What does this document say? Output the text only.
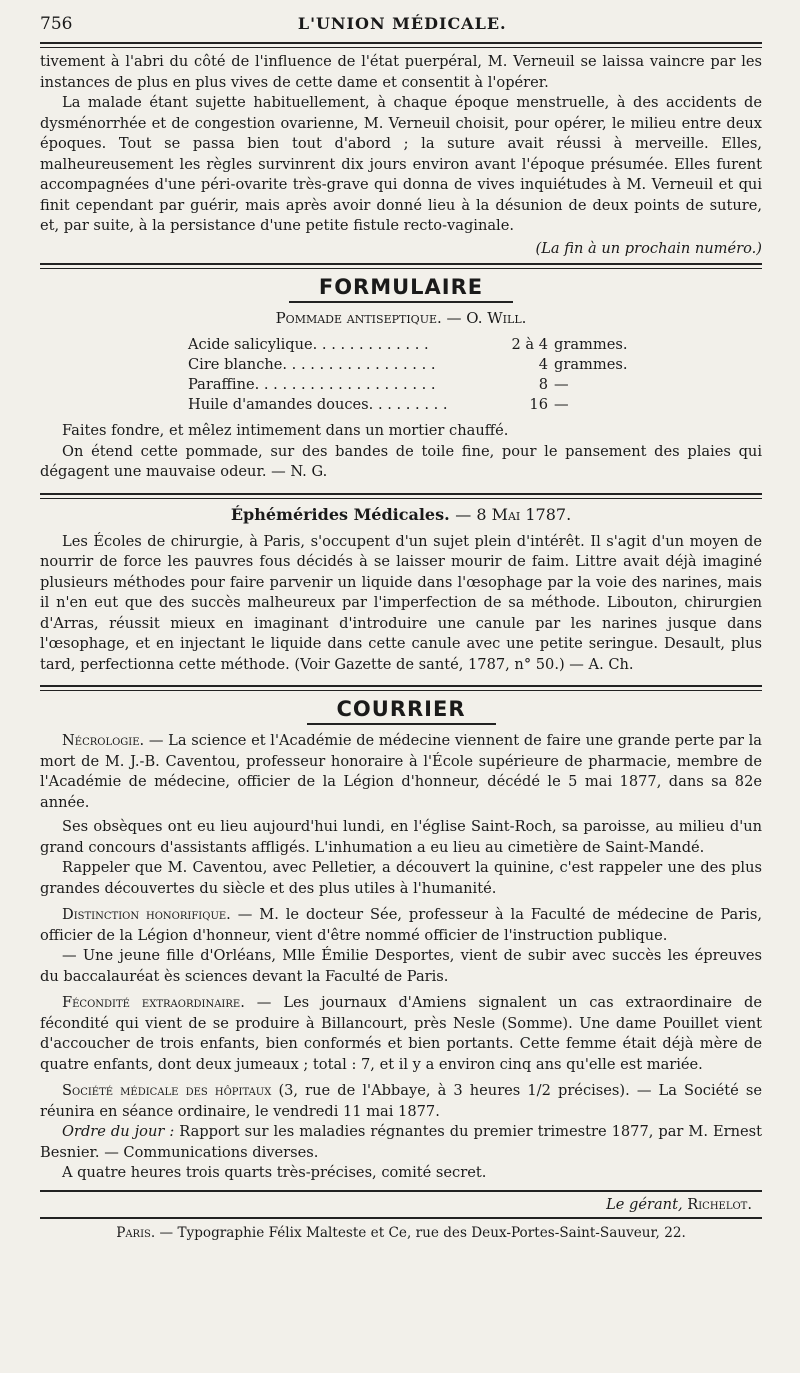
756	L'UNION MÉDICALE.

tivement à l'abri du côté de l'influence de l'état puerpéral, M. Verneuil se laissa vaincre par les instances de plus en plus vives de cette dame et consentit à l'opérer.

La malade étant sujette habituellement, à chaque époque menstruelle, à des accidents de dysménorrhée et de congestion ovarienne, M. Verneuil choisit, pour opérer, le milieu entre deux époques. Tout se passa bien tout d'abord ; la suture avait réussi à merveille. Elles, malheureusement les règles survinrent dix jours environ avant l'époque présumée. Elles furent accompagnées d'une péri-ovarite très-grave qui donna de vives inquiétudes à M. Verneuil et qui finit cependant par guérir, mais après avoir donné lieu à la désunion de deux points de suture, et, par suite, à la persistance d'une petite fistule recto-vaginale.

(La fin à un prochain numéro.)
FORMULAIRE
Pommade antiseptique. — O. Will.
Acide salicylique. . . . . . . . . . . . .	2 à 4	grammes.
Cire blanche. . . . . . . . . . . . . . . . .	4	grammes.
Paraffine. . . . . . . . . . . . . . . . . . . .	8	—
Huile d'amandes douces. . . . . . . . .	16	—

Faites fondre, et mêlez intimement dans un mortier chauffé.

On étend cette pommade, sur des bandes de toile fine, pour le pansement des plaies qui dégagent une mauvaise odeur. — N. G.

Éphémérides Médicales. — 8 Mai 1787.

Les Écoles de chirurgie, à Paris, s'occupent d'un sujet plein d'intérêt. Il s'agit d'un moyen de nourrir de force les pauvres fous décidés à se laisser mourir de faim. Littre avait déjà imaginé plusieurs méthodes pour faire parvenir un liquide dans l'œsophage par la voie des narines, mais il n'en eut que des succès malheureux par l'imperfection de sa méthode. Libouton, chirurgien d'Arras, réussit mieux en imaginant d'introduire une canule par les narines jusque dans l'œsophage, et en injectant le liquide dans cette canule avec une petite seringue. Desault, plus tard, perfectionna cette méthode. (Voir Gazette de santé, 1787, n° 50.) — A. Ch.

COURRIER

Nécrologie. — La science et l'Académie de médecine viennent de faire une grande perte par la mort de M. J.-B. Caventou, professeur honoraire à l'École supérieure de pharmacie, membre de l'Académie de médecine, officier de la Légion d'honneur, décédé le 5 mai 1877, dans sa 82e année.

Ses obsèques ont eu lieu aujourd'hui lundi, en l'église Saint-Roch, sa paroisse, au milieu d'un grand concours d'assistants affligés. L'inhumation a eu lieu au cimetière de Saint-Mandé.

Rappeler que M. Caventou, avec Pelletier, a découvert la quinine, c'est rappeler une des plus grandes découvertes du siècle et des plus utiles à l'humanité.

Distinction honorifique. — M. le docteur Sée, professeur à la Faculté de médecine de Paris, officier de la Légion d'honneur, vient d'être nommé officier de l'instruction publique.

— Une jeune fille d'Orléans, Mlle Émilie Desportes, vient de subir avec succès les épreuves du baccalauréat ès sciences devant la Faculté de Paris.

Fécondité extraordinaire. — Les journaux d'Amiens signalent un cas extraordinaire de fécondité qui vient de se produire à Billancourt, près Nesle (Somme). Une dame Pouillet vient d'accoucher de trois enfants, bien conformés et bien portants. Cette femme était déjà mère de quatre enfants, dont deux jumeaux ; total : 7, et il y a environ cinq ans qu'elle est mariée.

Société médicale des hôpitaux (3, rue de l'Abbaye, à 3 heures 1/2 précises). — La Société se réunira en séance ordinaire, le vendredi 11 mai 1877.

Ordre du jour : Rapport sur les maladies régnantes du premier trimestre 1877, par M. Ernest Besnier. — Communications diverses.

A quatre heures trois quarts très-précises, comité secret.

Le gérant, Richelot.
Paris. — Typographie Félix Malteste et Ce, rue des Deux-Portes-Saint-Sauveur, 22.
